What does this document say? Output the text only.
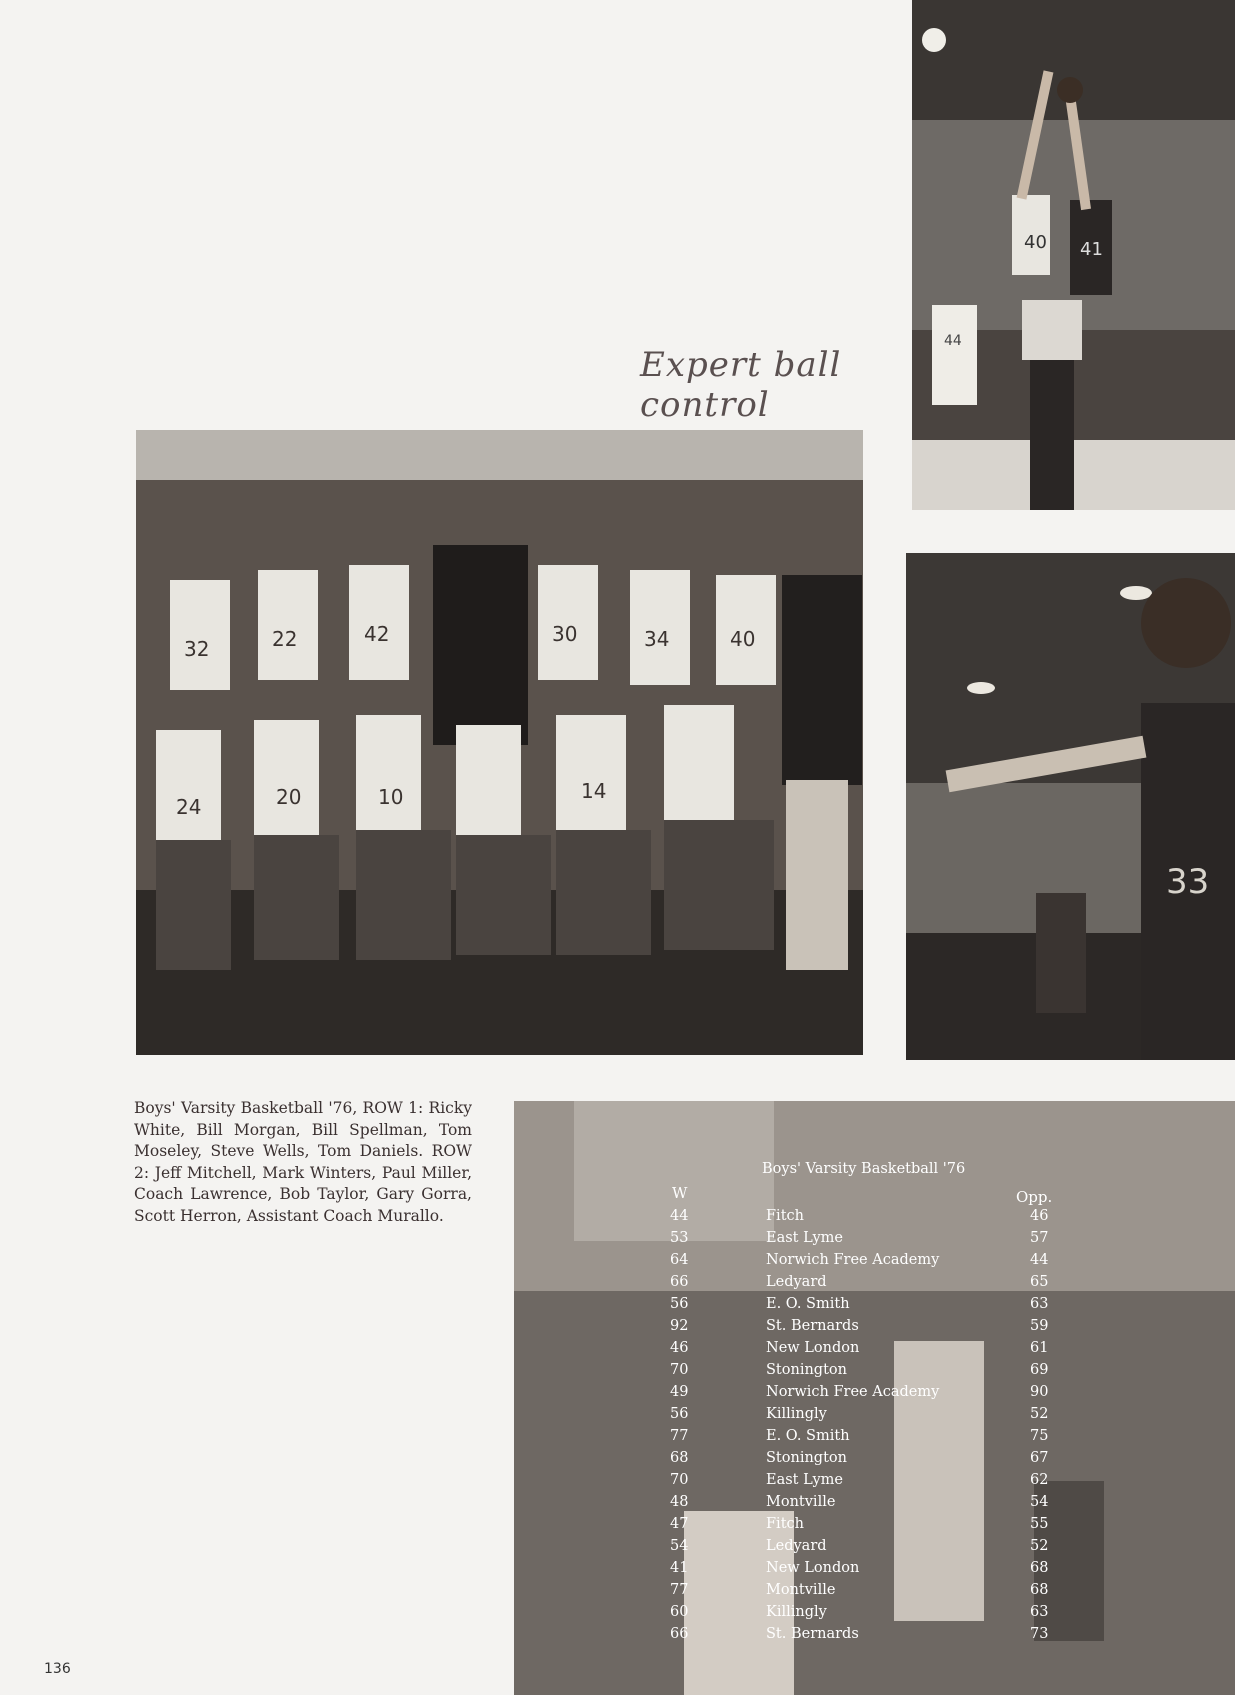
40 41
44
Expert ball control
32	22	42	30	34	40
24	20	10	14
33
Boys' Varsity Basketball '76, ROW 1: Ricky White, Bill Morgan, Bill Spellman, Tom Moseley, Steve Wells, Tom Daniels. ROW 2: Jeff Mitchell, Mark Winters, Paul Miller, Coach Lawrence, Bob Taylor, Gary Gorra, Scott Herron, Assistant Coach Murallo.
Boys' Varsity Basketball '76
W	Opp.
44	Fitch	46
53	East Lyme	57
64	Norwich Free Academy	44
66	Ledyard	65
56	E. O. Smith	63
92	St. Bernards	59
46	New London	61
70	Stonington	69
49	Norwich Free Academy	90
56	Killingly	52
77	E. O. Smith	75
68	Stonington	67
70	East Lyme	62
48	Montville	54
47	Fitch	55
54	Ledyard	52
41	New London	68
77	Montville	68
60	Killingly	63
66	St. Bernards	73
136
